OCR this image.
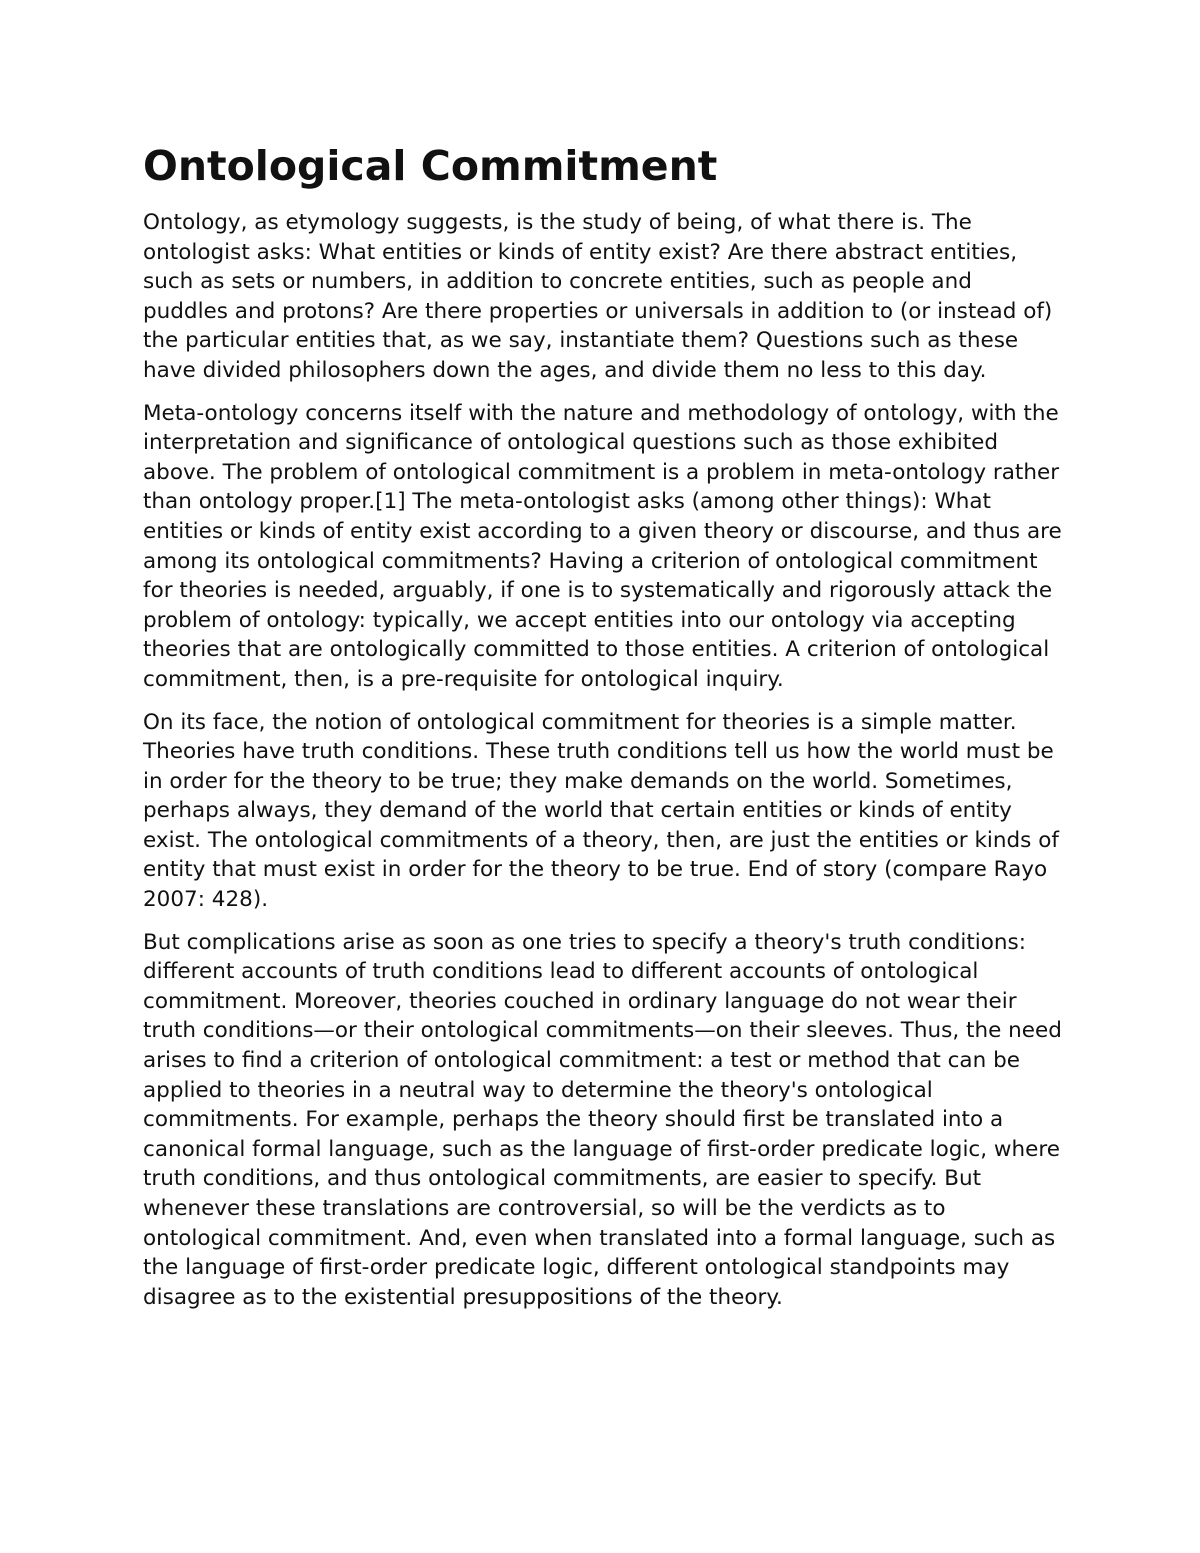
Ontological Commitment

Ontology, as etymology suggests, is the study of being, of what there is. The ontologist asks: What entities or kinds of entity exist? Are there abstract entities, such as sets or numbers, in addition to concrete entities, such as people and puddles and protons? Are there properties or universals in addition to (or instead of) the particular entities that, as we say, instantiate them? Questions such as these have divided philosophers down the ages, and divide them no less to this day.

Meta-ontology concerns itself with the nature and methodology of ontology, with the interpretation and significance of ontological questions such as those exhibited above. The problem of ontological commitment is a problem in meta-ontology rather than ontology proper.[1] The meta-ontologist asks (among other things): What entities or kinds of entity exist according to a given theory or discourse, and thus are among its ontological commitments? Having a criterion of ontological commitment for theories is needed, arguably, if one is to systematically and rigorously attack the problem of ontology: typically, we accept entities into our ontology via accepting theories that are ontologically committed to those entities. A criterion of ontological commitment, then, is a pre-requisite for ontological inquiry.

On its face, the notion of ontological commitment for theories is a simple matter. Theories have truth conditions. These truth conditions tell us how the world must be in order for the theory to be true; they make demands on the world. Sometimes, perhaps always, they demand of the world that certain entities or kinds of entity exist. The ontological commitments of a theory, then, are just the entities or kinds of entity that must exist in order for the theory to be true. End of story (compare Rayo 2007: 428).

But complications arise as soon as one tries to specify a theory's truth conditions: different accounts of truth conditions lead to different accounts of ontological commitment. Moreover, theories couched in ordinary language do not wear their truth conditions—or their ontological commitments—on their sleeves. Thus, the need arises to find a criterion of ontological commitment: a test or method that can be applied to theories in a neutral way to determine the theory's ontological commitments. For example, perhaps the theory should first be translated into a canonical formal language, such as the language of first-order predicate logic, where truth conditions, and thus ontological commitments, are easier to specify. But whenever these translations are controversial, so will be the verdicts as to ontological commitment. And, even when translated into a formal language, such as the language of first-order predicate logic, different ontological standpoints may disagree as to the existential presuppositions of the theory.
